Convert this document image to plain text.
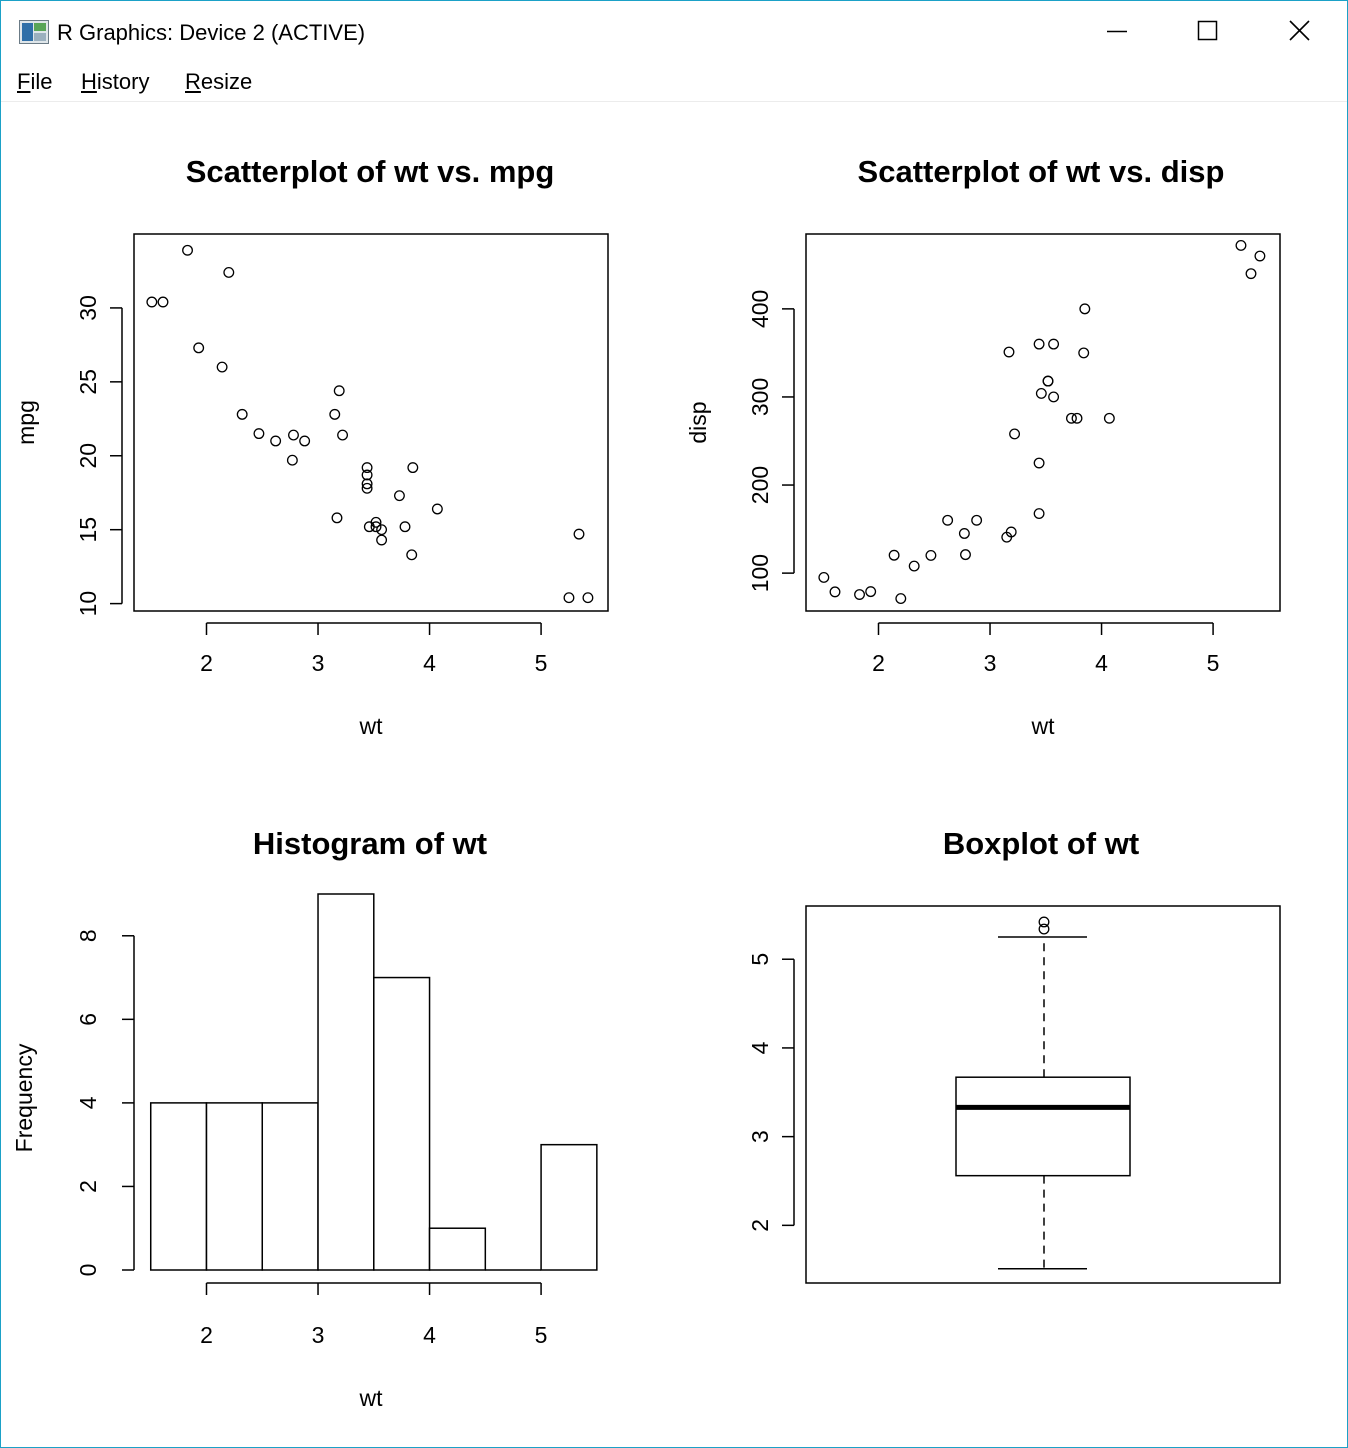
R Graphics: Device 2 (ACTIVE)
File History Resize
2	3	4	5
10
15
20
25
30
wt
mpg
Scatterplot of wt vs. mpg
2	3	4	5
100
200
300
400
wt
disp
Scatterplot of wt vs. disp
2	3	4	5
0
2
4
6
8
wt
Frequency
Histogram of wt
2
3
4
5
Boxplot of wt
